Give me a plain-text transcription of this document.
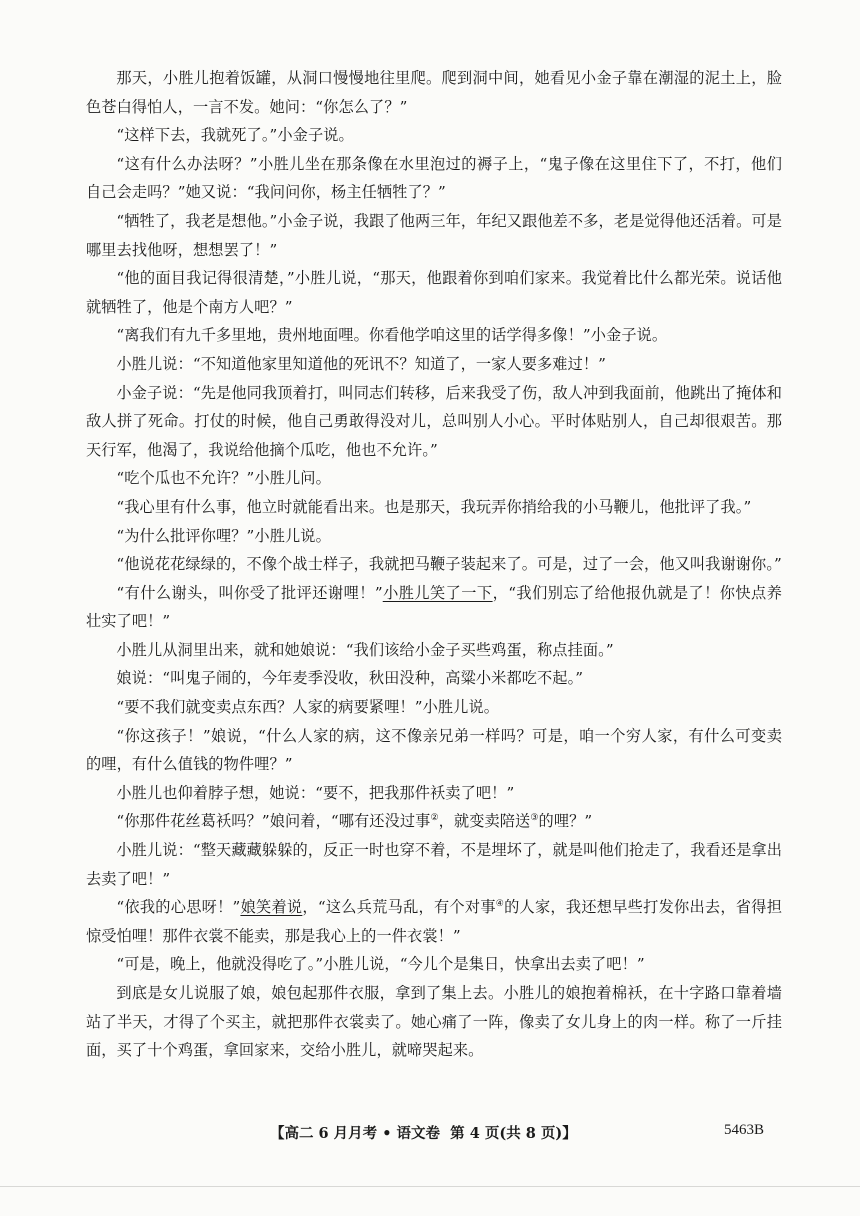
那天，小胜儿抱着饭罐，从洞口慢慢地往里爬。爬到洞中间，她看见小金子靠在潮湿的泥土上，脸色苍白得怕人，一言不发。她问：“你怎么了？”

“这样下去，我就死了。”小金子说。

“这有什么办法呀？”小胜儿坐在那条像在水里泡过的褥子上，“鬼子像在这里住下了，不打，他们自己会走吗？”她又说：“我问问你，杨主任牺牲了？”

“牺牲了，我老是想他。”小金子说，我跟了他两三年，年纪又跟他差不多，老是觉得他还活着。可是哪里去找他呀，想想罢了！”

“他的面目我记得很清楚，”小胜儿说，“那天，他跟着你到咱们家来。我觉着比什么都光荣。说话他就牺牲了，他是个南方人吧？”

“离我们有九千多里地，贵州地面哩。你看他学咱这里的话学得多像！”小金子说。

小胜儿说：“不知道他家里知道他的死讯不？知道了，一家人要多难过！”

小金子说：“先是他同我顶着打，叫同志们转移，后来我受了伤，敌人冲到我面前，他跳出了掩体和敌人拼了死命。打仗的时候，他自己勇敢得没对儿，总叫别人小心。平时体贴别人，自己却很艰苦。那天行军，他渴了，我说给他摘个瓜吃，他也不允许。”

“吃个瓜也不允许？”小胜儿问。

“我心里有什么事，他立时就能看出来。也是那天，我玩弄你捎给我的小马鞭儿，他批评了我。”

“为什么批评你哩？”小胜儿说。

“他说花花绿绿的，不像个战士样子，我就把马鞭子装起来了。可是，过了一会，他又叫我谢谢你。”

“有什么谢头，叫你受了批评还谢哩！”小胜儿笑了一下，“我们别忘了给他报仇就是了！你快点养壮实了吧！”

小胜儿从洞里出来，就和她娘说：“我们该给小金子买些鸡蛋，称点挂面。”

娘说：“叫鬼子闹的，今年麦季没收，秋田没种，高粱小米都吃不起。”

“要不我们就变卖点东西？人家的病要紧哩！”小胜儿说。

“你这孩子！”娘说，“什么人家的病，这不像亲兄弟一样吗？可是，咱一个穷人家，有什么可变卖的哩，有什么值钱的物件哩？”

小胜儿也仰着脖子想，她说：“要不，把我那件袄卖了吧！”

“你那件花丝葛袄吗？”娘问着，“哪有还没过事②，就变卖陪送③的哩？”

小胜儿说：“整天藏藏躲躲的，反正一时也穿不着，不是埋坏了，就是叫他们抢走了，我看还是拿出去卖了吧！”

“依我的心思呀！”娘笑着说，“这么兵荒马乱，有个对事④的人家，我还想早些打发你出去，省得担惊受怕哩！那件衣裳不能卖，那是我心上的一件衣裳！”

“可是，晚上，他就没得吃了。”小胜儿说，“今儿个是集日，快拿出去卖了吧！”

到底是女儿说服了娘，娘包起那件衣服，拿到了集上去。小胜儿的娘抱着棉袄，在十字路口靠着墙站了半天，才得了个买主，就把那件衣裳卖了。她心痛了一阵，像卖了女儿身上的肉一样。称了一斤挂面，买了十个鸡蛋，拿回家来，交给小胜儿，就啼哭起来。

【高二 6 月月考 • 语文卷 第 4 页(共 8 页)】	5463B
